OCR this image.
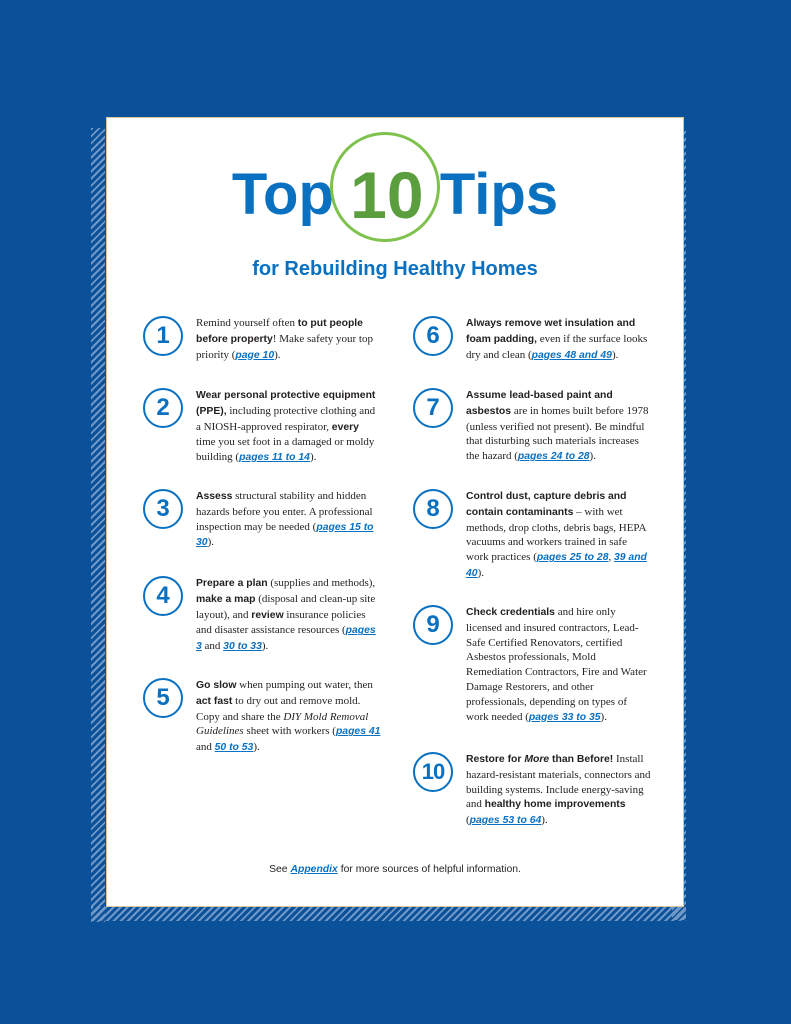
Top 10 Tips
for Rebuilding Healthy Homes
1	Remind yourself often to put people before property! Make safety your top priority (page 10).
2	Wear personal protective equipment (PPE), including protective clothing and a NIOSH-approved respirator, every time you set foot in a damaged or moldy building (pages 11 to 14).
3	Assess structural stability and hidden hazards before you enter. A professional inspection may be needed (pages 15 to 30).
4	Prepare a plan (supplies and methods), make a map (disposal and clean-up site layout), and review insurance policies and disaster assistance resources (pages 3 and 30 to 33).
5	Go slow when pumping out water, then act fast to dry out and remove mold. Copy and share the DIY Mold Removal Guidelines sheet with workers (pages 41 and 50 to 53).
6	Always remove wet insulation and foam padding, even if the surface looks dry and clean (pages 48 and 49).
7	Assume lead-based paint and asbestos are in homes built before 1978 (unless verified not present). Be mindful that disturbing such materials increases the hazard (pages 24 to 28).
8	Control dust, capture debris and contain contaminants – with wet methods, drop cloths, debris bags, HEPA vacuums and workers trained in safe work practices (pages 25 to 28, 39 and 40).
9	Check credentials and hire only licensed and insured contractors, Lead-Safe Certified Renovators, certified Asbestos professionals, Mold Remediation Contractors, Fire and Water Damage Restorers, and other professionals, depending on types of work needed (pages 33 to 35).
10	Restore for More than Before! Install hazard-resistant materials, connectors and building systems. Include energy-saving and healthy home improvements (pages 53 to 64).
See Appendix for more sources of helpful information.
